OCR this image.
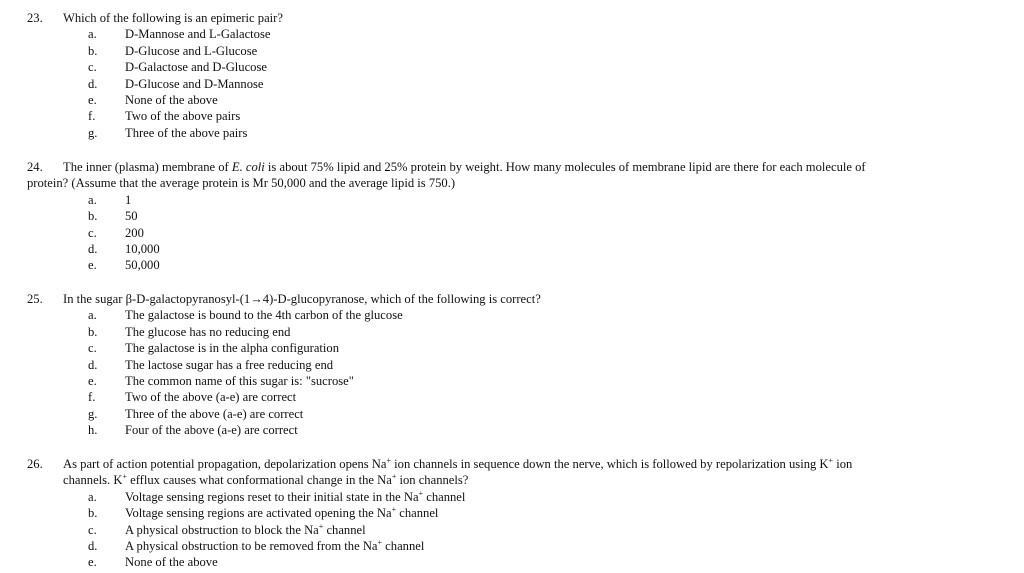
23. Which of the following is an epimeric pair?
a. D-Mannose and L-Galactose
b. D-Glucose and L-Glucose
c. D-Galactose and D-Glucose
d. D-Glucose and D-Mannose
e. None of the above
f. Two of the above pairs
g. Three of the above pairs
24. The inner (plasma) membrane of E. coli is about 75% lipid and 25% protein by weight. How many molecules of membrane lipid are there for each molecule of
protein? (Assume that the average protein is Mr 50,000 and the average lipid is 750.)
a. 1
b. 50
c. 200
d. 10,000
e. 50,000
25. In the sugar β-D-galactopyranosyl-(1→4)-D-glucopyranose, which of the following is correct?
a. The galactose is bound to the 4th carbon of the glucose
b. The glucose has no reducing end
c. The galactose is in the alpha configuration
d. The lactose sugar has a free reducing end
e. The common name of this sugar is: "sucrose"
f. Two of the above (a-e) are correct
g. Three of the above (a-e) are correct
h. Four of the above (a-e) are correct
26. As part of action potential propagation, depolarization opens Na+ ion channels in sequence down the nerve, which is followed by repolarization using K+ ion
channels. K+ efflux causes what conformational change in the Na+ ion channels?
a. Voltage sensing regions reset to their initial state in the Na+ channel
b. Voltage sensing regions are activated opening the Na+ channel
c. A physical obstruction to block the Na+ channel
d. A physical obstruction to be removed from the Na+ channel
e. None of the above
